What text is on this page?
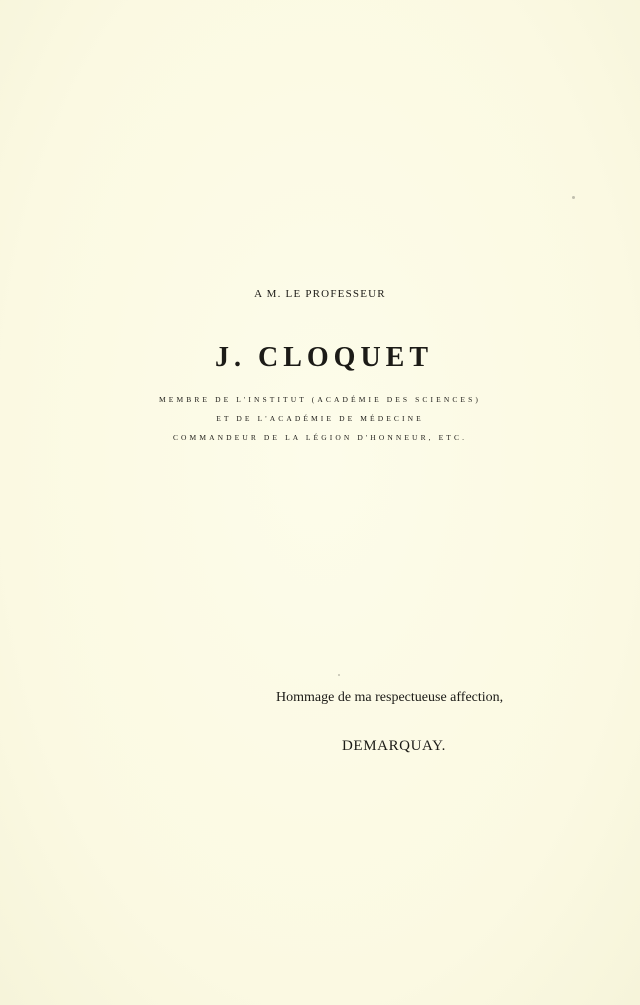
A M. LE PROFESSEUR
J. CLOQUET
MEMBRE DE L'INSTITUT (ACADÉMIE DES SCIENCES)
ET DE L'ACADÉMIE DE MÉDECINE
COMMANDEUR DE LA LÉGION D'HONNEUR, ETC.
Hommage de ma respectueuse affection,
DEMARQUAY.
